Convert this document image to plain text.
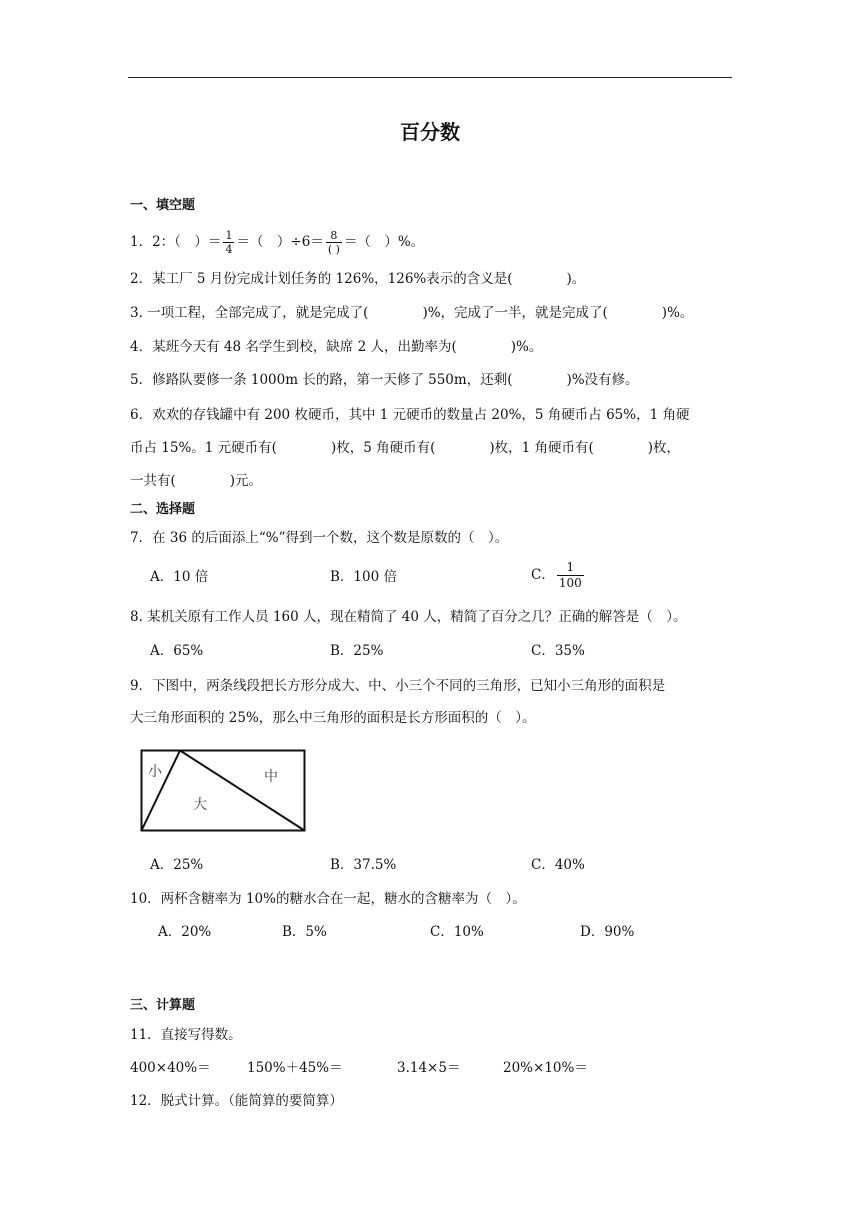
百分数
一、填空题
1．2：（　）＝ $\frac{1}{4}$ ＝（　）$\div 6= \frac{8}{( )}$ ＝（　）%。
2．某工厂 5 月份完成计划任务的 126%，126%表示的含义是(　　　　)。
3. 一项工程，全部完成了，就是完成了(　　　　)%，完成了一半，就是完成了(　　　　)%。
4．某班今天有 48 名学生到校，缺席 2 人，出勤率为(　　　　)%。
5．修路队要修一条 1000m 长的路，第一天修了 550m，还剩(　　　　)%没有修。
6．欢欢的存钱罐中有 200 枚硬币，其中 1 元硬币的数量占 20%，5 角硬币占 65%，1 角硬
币占 15%。1 元硬币有(　　　　)枚，5 角硬币有(　　　　)枚，1 角硬币有(　　　　)枚，
一共有(　　　　)元。
二、选择题
7．在 36 的后面添上“%”得到一个数，这个数是原数的（　）。
A．10 倍	B．100 倍	C． $\frac{1}{100}$
8. 某机关原有工作人员 160 人，现在精简了 40 人，精简了百分之几？正确的解答是（　）。
A．65%	B．25%	C．35%
9．下图中，两条线段把长方形分成大、中、小三个不同的三角形，已知小三角形的面积是
大三角形面积的 25%，那么中三角形的面积是长方形面积的（　）。
小	中
大
A．25%	B．37.5%	C．40%
10．两杯含糖率为 10%的糖水合在一起，糖水的含糖率为（　）。
A．20%	B．5%	C．10%	D．90%
三、计算题
11．直接写得数。
400×40%＝	150%＋45%＝	3.14×5＝	20%×10%＝
12．脱式计算。（能简算的要简算）
